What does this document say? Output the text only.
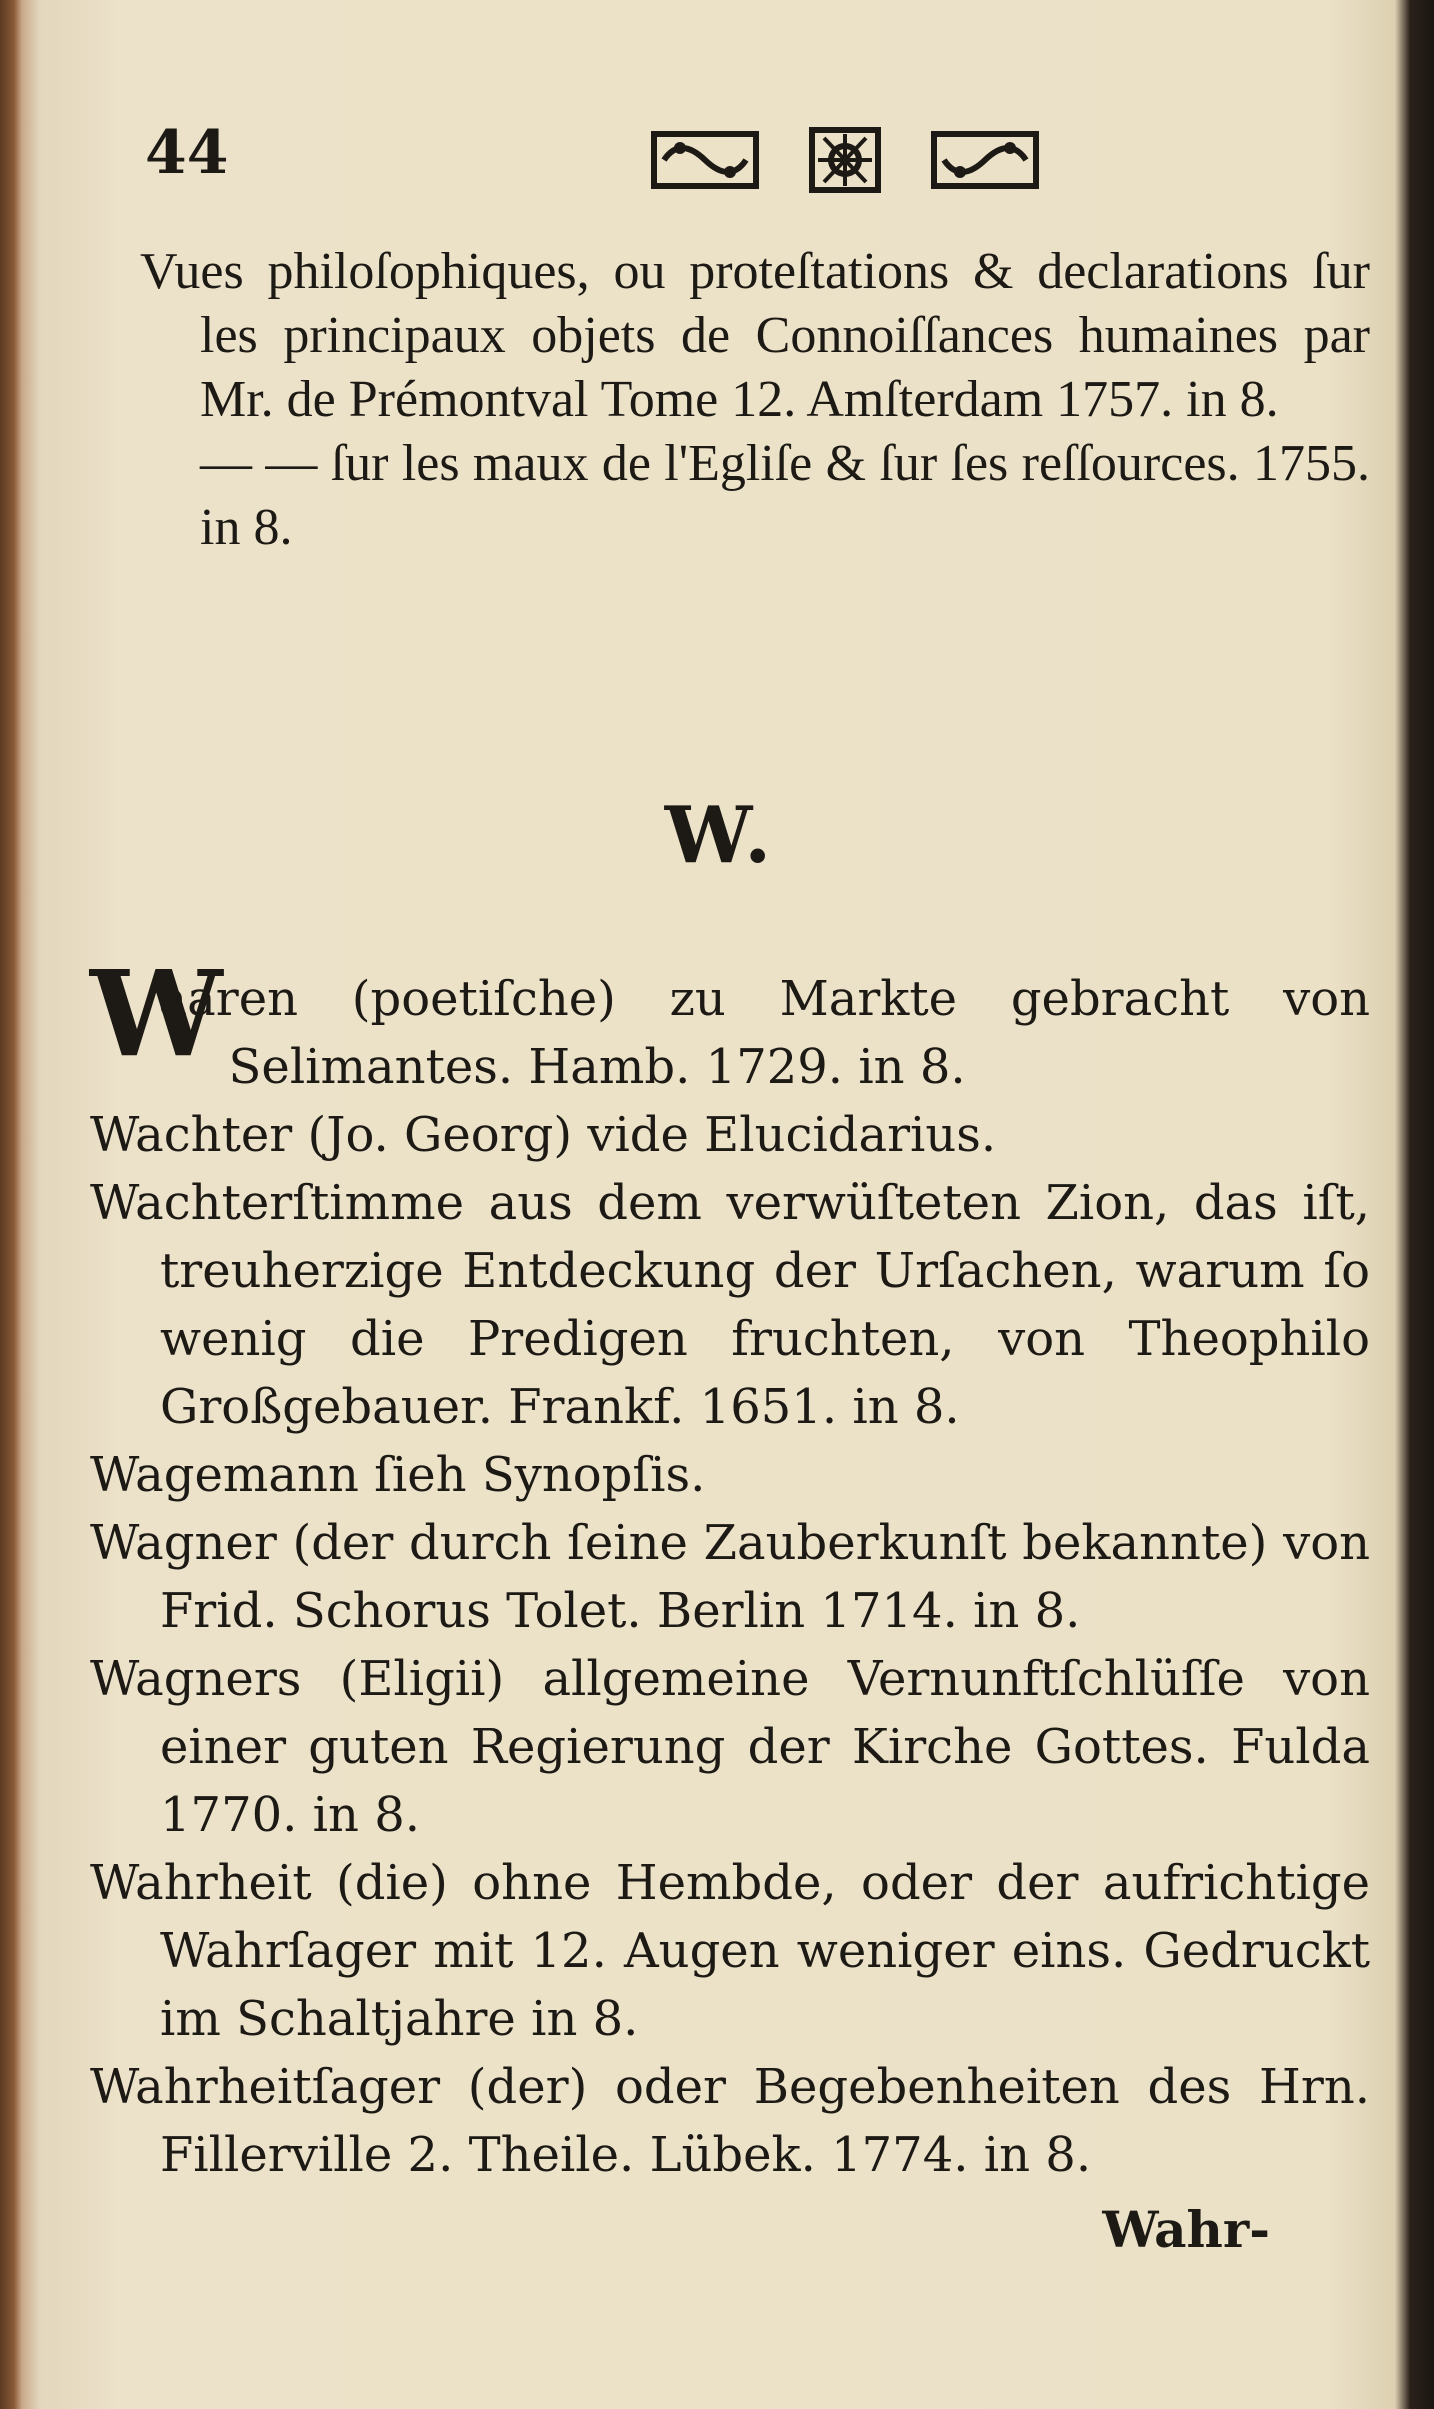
44

Vues philoſophiques, ou proteſtations & declarations ſur les principaux objets de Connoiſſances humaines par Mr. de Prémontval Tome 12. Amſterdam 1757. in 8.

— — ſur les maux de l'Egliſe & ſur ſes reſſources. 1755. in 8.

W.

W
aaren (poetiſche) zu Markte gebracht von Selimantes. Hamb. 1729. in 8.

Wachter (Jo. Georg) vide Elucidarius.

Wachterſtimme aus dem verwüſteten Zion, das iſt, treuherzige Entdeckung der Urſachen, warum ſo wenig die Predigen fruchten, von Theophilo Großgebauer. Frankf. 1651. in 8.

Wagemann ſieh Synopſis.

Wagner (der durch ſeine Zauberkunſt bekannte) von Frid. Schorus Tolet. Berlin 1714. in 8.

Wagners (Eligii) allgemeine Vernunftſchlüſſe von einer guten Regierung der Kirche Gottes. Fulda 1770. in 8.

Wahrheit (die) ohne Hembde, oder der aufrichtige Wahrſager mit 12. Augen weniger eins. Gedruckt im Schaltjahre in 8.

Wahrheitſager (der) oder Begebenheiten des Hrn. Fillerville 2. Theile. Lübek. 1774. in 8.

Wahr-
